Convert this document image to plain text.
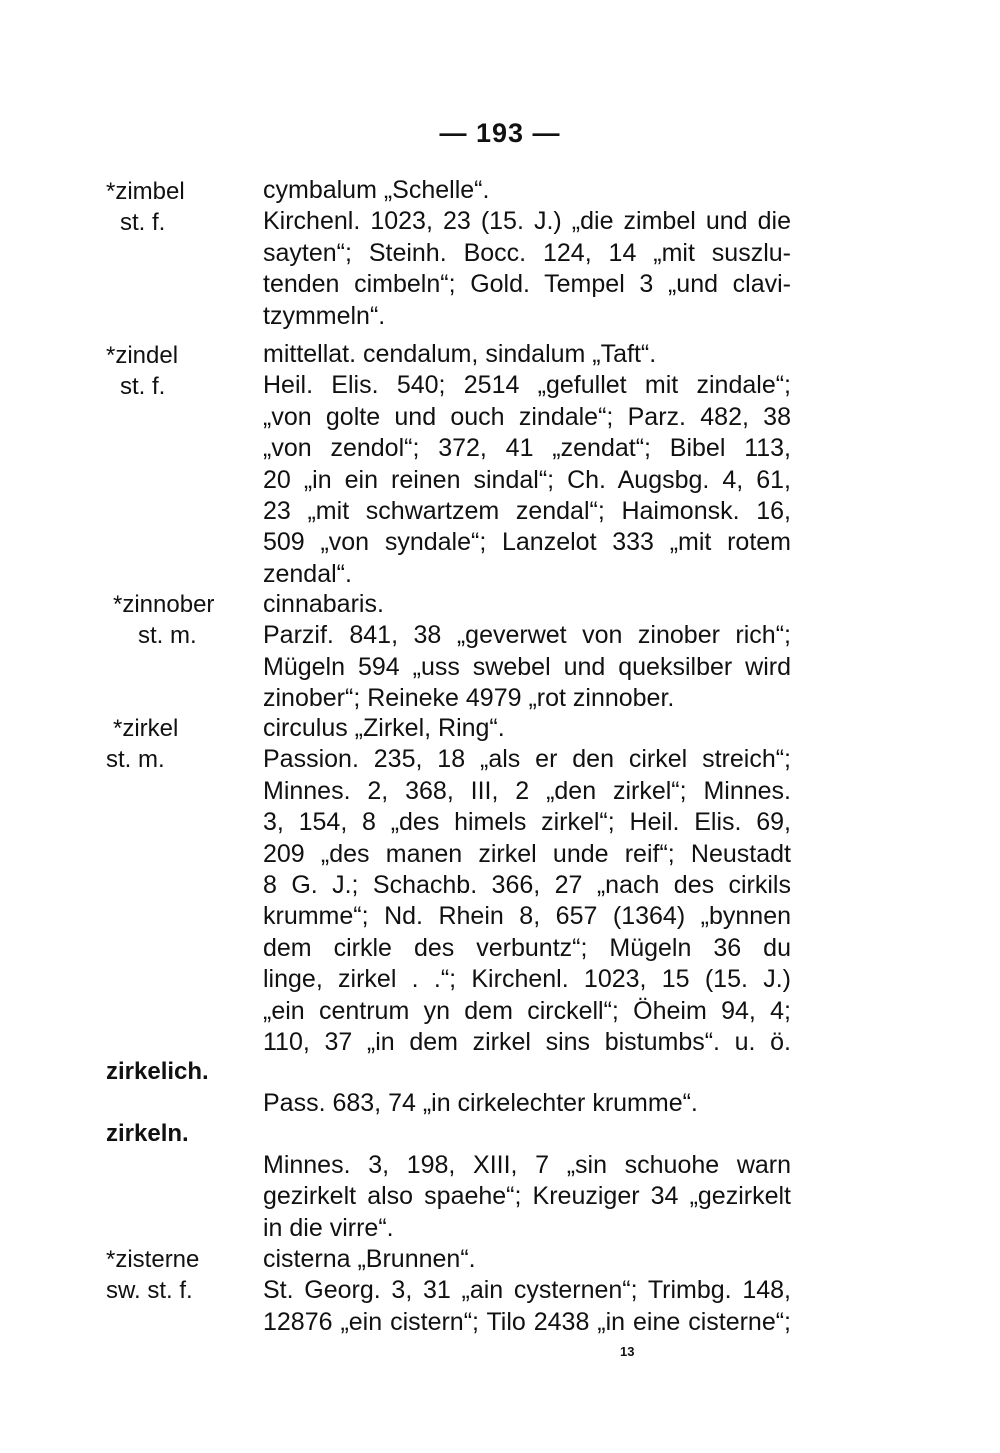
— 193 —
*zimbel
st. f.
cymbalum „Schelle“.
Kirchenl. 1023, 23 (15. J.) „die zimbel und die
sayten“; Steinh. Bocc. 124, 14 „mit suszlu-
tenden cimbeln“; Gold. Tempel 3 „und clavi-
tzymmeln“.
*zindel
st. f.
mittellat. cendalum, sindalum „Taft“.
Heil. Elis. 540; 2514 „gefullet mit zindale“;
„von golte und ouch zindale“; Parz. 482, 38
„von zendol“; 372, 41 „zendat“; Bibel 113,
20 „in ein reinen sindal“; Ch. Augsbg. 4, 61,
23 „mit schwartzem zendal“; Haimonsk. 16,
509 „von syndale“; Lanzelot 333 „mit rotem
zendal“.
*zinnober
st. m.
cinnabaris.
Parzif. 841, 38 „geverwet von zinober rich“;
Mügeln 594 „uss swebel und queksilber wird
zinober“; Reineke 4979 „rot zinnober.
*zirkel
st. m.
circulus „Zirkel, Ring“.
Passion. 235, 18 „als er den cirkel streich“;
Minnes. 2, 368, III, 2 „den zirkel“; Minnes.
3, 154, 8 „des himels zirkel“; Heil. Elis. 69,
209 „des manen zirkel unde reif“; Neustadt
8 G. J.; Schachb. 366, 27 „nach des cirkils
krumme“; Nd. Rhein 8, 657 (1364) „bynnen
dem cirkle des verbuntz“; Mügeln 36 du
linge, zirkel . .“; Kirchenl. 1023, 15 (15. J.)
„ein centrum yn dem circkell“; Öheim 94, 4;
110, 37 „in dem zirkel sins bistumbs“. u. ö.
zirkelich.
Pass. 683, 74 „in cirkelechter krumme“.
zirkeln.
Minnes. 3, 198, XIII, 7 „sin schuohe warn
gezirkelt also spaehe“; Kreuziger 34 „gezirkelt
in die virre“.
*zisterne
sw. st. f.
cisterna „Brunnen“.
St. Georg. 3, 31 „ain cysternen“; Trimbg. 148,
12876 „ein cistern“; Tilo 2438 „in eine cisterne“;
13
